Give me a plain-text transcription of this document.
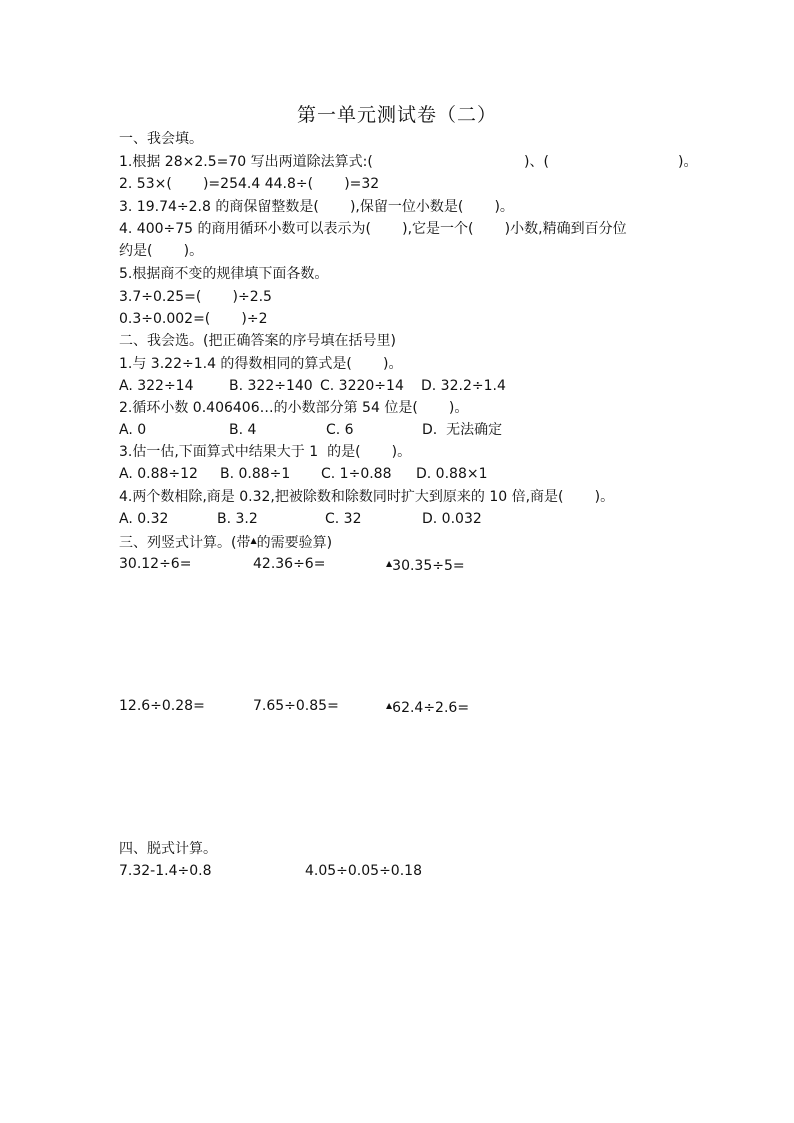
第一单元测试卷（二）
一、我会填。
1.根据 28×2.5=70 写出两道除法算式:(	)、(	)。
2. 53×(       )=254.4 44.8÷(       )=32
3. 19.74÷2.8 的商保留整数是(       ),保留一位小数是(       )。
4. 400÷75 的商用循环小数可以表示为(       ),它是一个(       )小数,精确到百分位
约是(       )。
5.根据商不变的规律填下面各数。
3.7÷0.25=(       )÷2.5
0.3÷0.002=(       )÷2
二、我会选。(把正确答案的序号填在括号里)
1.与 3.22÷1.4 的得数相同的算式是(       )。
A. 322÷14	B. 322÷140 C. 3220÷14 D. 32.2÷1.4
2.循环小数 0.406406…的小数部分第 54 位是(       )。
A. 0	B. 4	C. 6	D.  无法确定
3.估一估,下面算式中结果大于 1  的是(       )。
A. 0.88÷12 B. 0.88÷1 C. 1÷0.88 D. 0.88×1
4.两个数相除,商是 0.32,把被除数和除数同时扩大到原来的 10 倍,商是(       )。
A. 0.32	B. 3.2	C. 32	D. 0.032
三、列竖式计算。(带▲的需要验算)
30.12÷6=	42.36÷6=	▲30.35÷5=
12.6÷0.28=	7.65÷0.85=	▲62.4÷2.6=
四、脱式计算。
7.32-1.4÷0.8	4.05÷0.05÷0.18
